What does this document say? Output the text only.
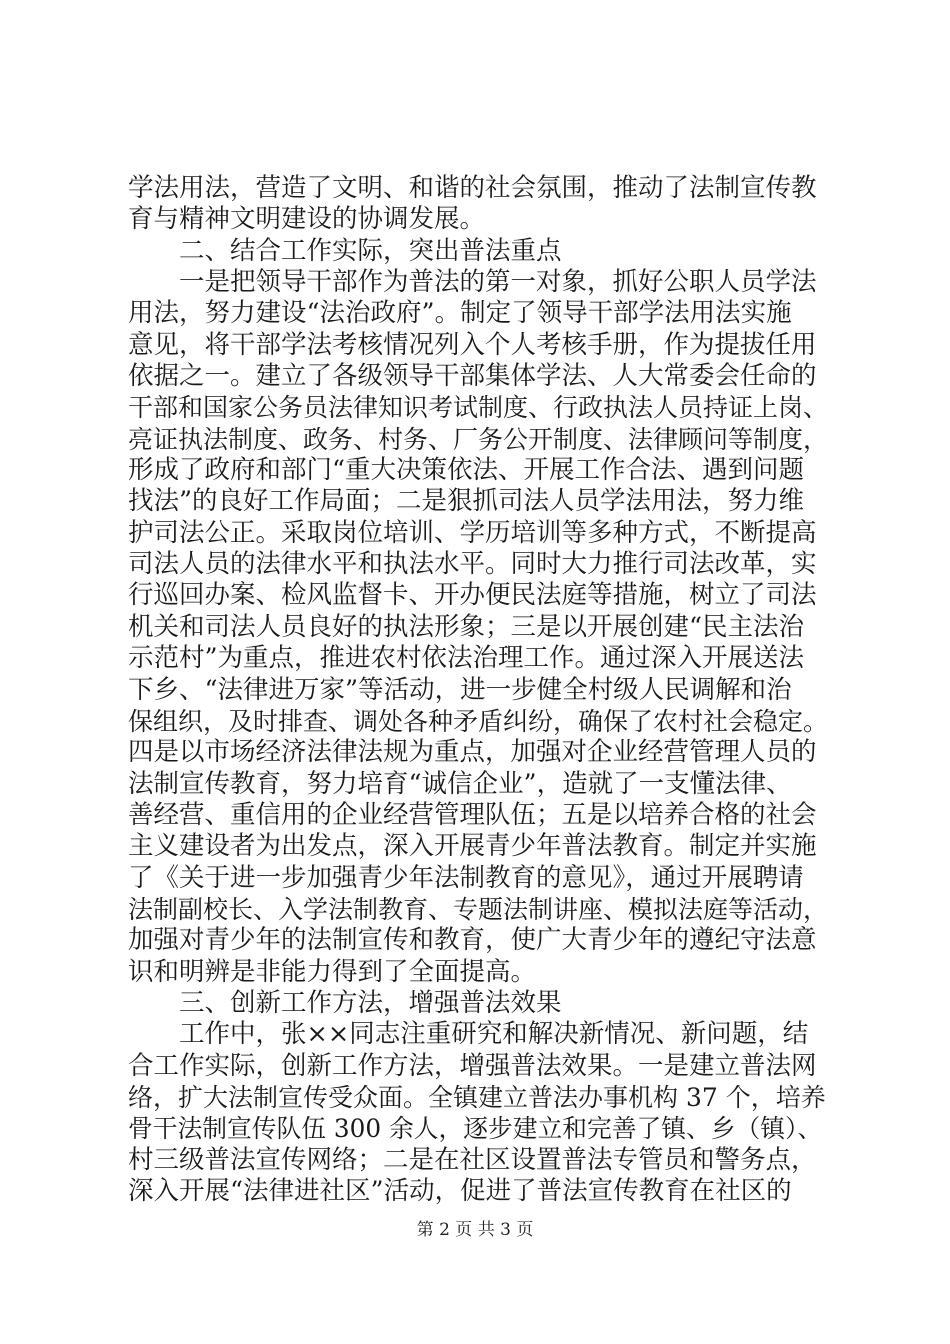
学法用法，营造了文明、和谐的社会氛围，推动了法制宣传教
育与精神文明建设的协调发展。
二、结合工作实际，突出普法重点
一是把领导干部作为普法的第一对象，抓好公职人员学法
用法，努力建设“法治政府”。制定了领导干部学法用法实施
意见，将干部学法考核情况列入个人考核手册，作为提拔任用
依据之一。建立了各级领导干部集体学法、人大常委会任命的
干部和国家公务员法律知识考试制度、行政执法人员持证上岗、
亮证执法制度、政务、村务、厂务公开制度、法律顾问等制度，
形成了政府和部门“重大决策依法、开展工作合法、遇到问题
找法”的良好工作局面；二是狠抓司法人员学法用法，努力维
护司法公正。采取岗位培训、学历培训等多种方式，不断提高
司法人员的法律水平和执法水平。同时大力推行司法改革，实
行巡回办案、检风监督卡、开办便民法庭等措施，树立了司法
机关和司法人员良好的执法形象；三是以开展创建“民主法治
示范村”为重点，推进农村依法治理工作。通过深入开展送法
下乡、“法律进万家”等活动，进一步健全村级人民调解和治
保组织，及时排查、调处各种矛盾纠纷，确保了农村社会稳定。
四是以市场经济法律法规为重点，加强对企业经营管理人员的
法制宣传教育，努力培育“诚信企业”，造就了一支懂法律、
善经营、重信用的企业经营管理队伍；五是以培养合格的社会
主义建设者为出发点，深入开展青少年普法教育。制定并实施
了《关于进一步加强青少年法制教育的意见》，通过开展聘请
法制副校长、入学法制教育、专题法制讲座、模拟法庭等活动，
加强对青少年的法制宣传和教育，使广大青少年的遵纪守法意
识和明辨是非能力得到了全面提高。
三、创新工作方法，增强普法效果
工作中，张××同志注重研究和解决新情况、新问题，结
合工作实际，创新工作方法，增强普法效果。一是建立普法网
络，扩大法制宣传受众面。全镇建立普法办事机构 37 个，培养
骨干法制宣传队伍 300 余人，逐步建立和完善了镇、乡（镇）、
村三级普法宣传网络；二是在社区设置普法专管员和警务点，
深入开展“法律进社区”活动，促进了普法宣传教育在社区的
第 2 页 共 3 页
